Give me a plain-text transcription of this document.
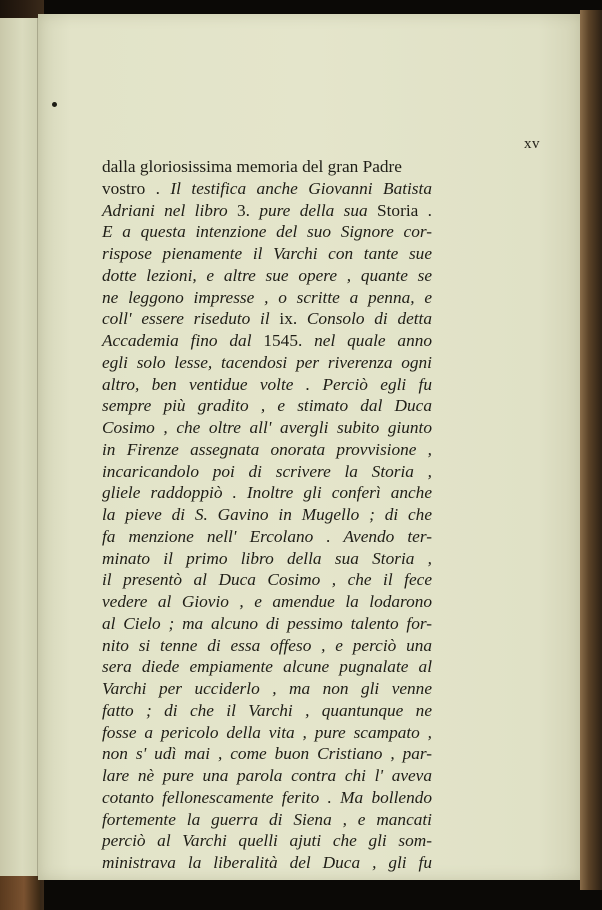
xv
dalla gloriosissima memoria del gran Padre
vostro . Il testifica anche Giovanni Batista
Adriani nel libro 3. pure della sua Storia .
E a questa intenzione del suo Signore cor-
rispose pienamente il Varchi con tante sue
dotte lezioni, e altre sue opere , quante se
ne leggono impresse , o scritte a penna, e
coll' essere riseduto il ix. Consolo di detta
Accademia fino dal 1545. nel quale anno
egli solo lesse, tacendosi per riverenza ogni
altro, ben ventidue volte . Perciò egli fu
sempre più gradito , e stimato dal Duca
Cosimo , che oltre all' avergli subito giunto
in Firenze assegnata onorata provvisione ,
incaricandolo poi di scrivere la Storia ,
gliele raddoppiò . Inoltre gli conferì anche
la pieve di S. Gavino in Mugello ; di che
fa menzione nell' Ercolano . Avendo ter-
minato il primo libro della sua Storia ,
il presentò al Duca Cosimo , che il fece
vedere al Giovio , e amendue la lodarono
al Cielo ; ma alcuno di pessimo talento for-
nito si tenne di essa offeso , e perciò una
sera diede empiamente alcune pugnalate al
Varchi per ucciderlo , ma non gli venne
fatto ; di che il Varchi , quantunque ne
fosse a pericolo della vita , pure scampato ,
non s' udì mai , come buon Cristiano , par-
lare nè pure una parola contra chi l' aveva
cotanto fellonescamente ferito . Ma bollendo
fortemente la guerra di Siena , e mancati
perciò al Varchi quelli ajuti che gli som-
ministrava la liberalità del Duca , gli fu
